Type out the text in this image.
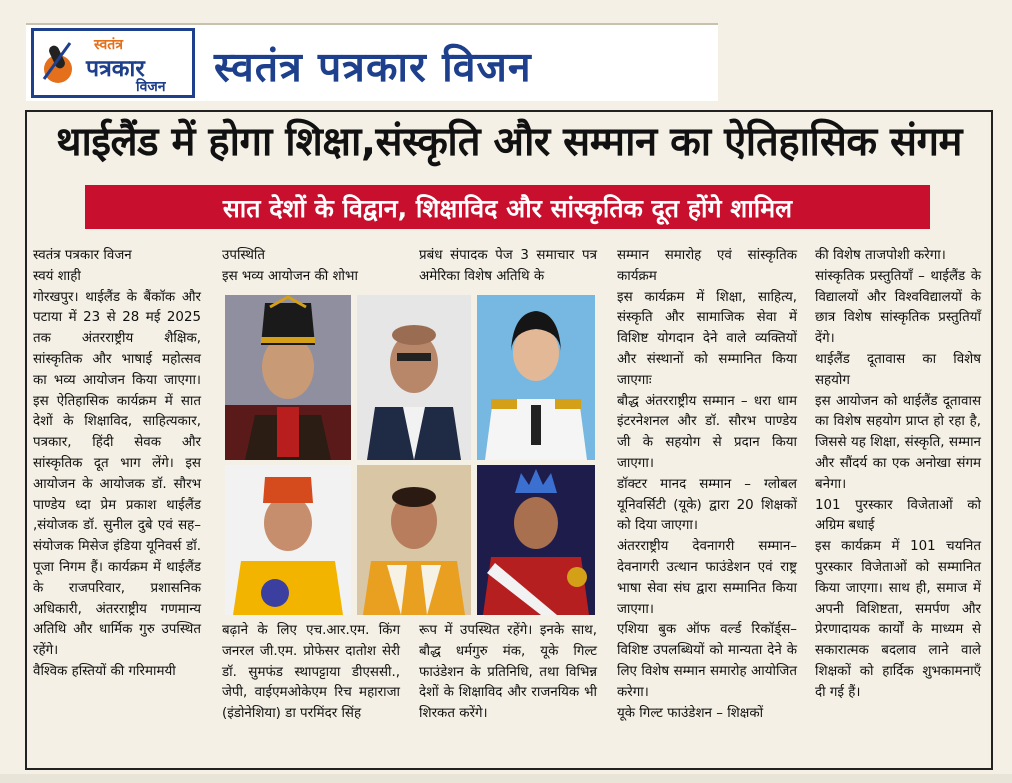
स्वतंत्र
पत्रकार
विजन स्वतंत्र पत्रकार विजन
थाईलैंड में होगा शिक्षा,संस्कृति और सम्मान का ऐतिहासिक संगम
सात देशों के विद्वान, शिक्षाविद और सांस्कृतिक दूत होंगे शामिल

स्वतंत्र पत्रकार विजन

स्वयं शाही

गोरखपुर। थाईलैंड के बैंकॉक और पटाया में 23 से 28 मई 2025 तक अंतरराष्ट्रीय शैक्षिक, सांस्कृतिक और भाषाई महोत्सव का भव्य आयोजन किया जाएगा। इस ऐतिहासिक कार्यक्रम में सात देशों के शिक्षाविद, साहित्यकार, पत्रकार, हिंदी सेवक और सांस्कृतिक दूत भाग लेंगे। इस आयोजन के आयोजक डॉ. सौरभ पाण्डेय ध्दा प्रेम प्रकाश थाईलैंड ,संयोजक डॉ. सुनील दुबे एवं सह–संयोजक मिसेज इंडिया यूनिवर्स डॉ. पूजा निगम हैं। कार्यक्रम में थाईलैंड के राजपरिवार, प्रशासनिक अधिकारी, अंतरराष्ट्रीय गणमान्य अतिथि और धार्मिक गुरु उपस्थित रहेंगे।

वैश्विक हस्तियों की गरिमामयी

उपस्थिति

इस भव्य आयोजन की शोभा

प्रबंध संपादक पेज 3 समाचार पत्र अमेरिका विशेष अतिथि के

बढ़ाने के लिए एच.आर.एम. किंग जनरल जी.एम. प्रोफेसर दातोश सेरी डॉ. सुमफंड स्थापट्टाया डीएससी., जेपी, वाईएमओकेएम रिच महाराजा (इंडोनेशिया) डा परमिंदर सिंह

रूप में उपस्थित रहेंगे। इनके साथ, बौद्ध धर्मगुरु मंक, यूके गिल्ट फाउंडेशन के प्रतिनिधि, तथा विभिन्न देशों के शिक्षाविद और राजनयिक भी शिरकत करेंगे।

सम्मान समारोह एवं सांस्कृतिक कार्यक्रम

इस कार्यक्रम में शिक्षा, साहित्य, संस्कृति और सामाजिक सेवा में विशिष्ट योगदान देने वाले व्यक्तियों और संस्थानों को सम्मानित किया जाएगाः

बौद्ध अंतरराष्ट्रीय सम्मान – धरा धाम इंटरनेशनल और डॉ. सौरभ पाण्डेय जी के सहयोग से प्रदान किया जाएगा।

डॉक्टर मानद सम्मान – ग्लोबल यूनिवर्सिटी (यूके) द्वारा 20 शिक्षकों को दिया जाएगा।

अंतरराष्ट्रीय देवनागरी सम्मान– देवनागरी उत्थान फाउंडेशन एवं राष्ट्र भाषा सेवा संघ द्वारा सम्मानित किया जाएगा।

एशिया बुक ऑफ वर्ल्ड रिकॉर्ड्स– विशिष्ट उपलब्धियों को मान्यता देने के लिए विशेष सम्मान समारोह आयोजित करेगा।

यूके गिल्ट फाउंडेशन – शिक्षकों

की विशेष ताजपोशी करेगा।

सांस्कृतिक प्रस्तुतियाँ – थाईलैंड के विद्यालयों और विश्वविद्यालयों के छात्र विशेष सांस्कृतिक प्रस्तुतियाँ देंगे।

थाईलैंड दूतावास का विशेष सहयोग

इस आयोजन को थाईलैंड दूतावास का विशेष सहयोग प्राप्त हो रहा है, जिससे यह शिक्षा, संस्कृति, सम्मान और सौंदर्य का एक अनोखा संगम बनेगा।

101 पुरस्कार विजेताओं को अग्रिम बधाई

इस कार्यक्रम में 101 चयनित पुरस्कार विजेताओं को सम्मानित किया जाएगा। साथ ही, समाज में अपनी विशिष्टता, समर्पण और प्रेरणादायक कार्यों के माध्यम से सकारात्मक बदलाव लाने वाले शिक्षकों को हार्दिक शुभकामनाएँ दी गई हैं।
